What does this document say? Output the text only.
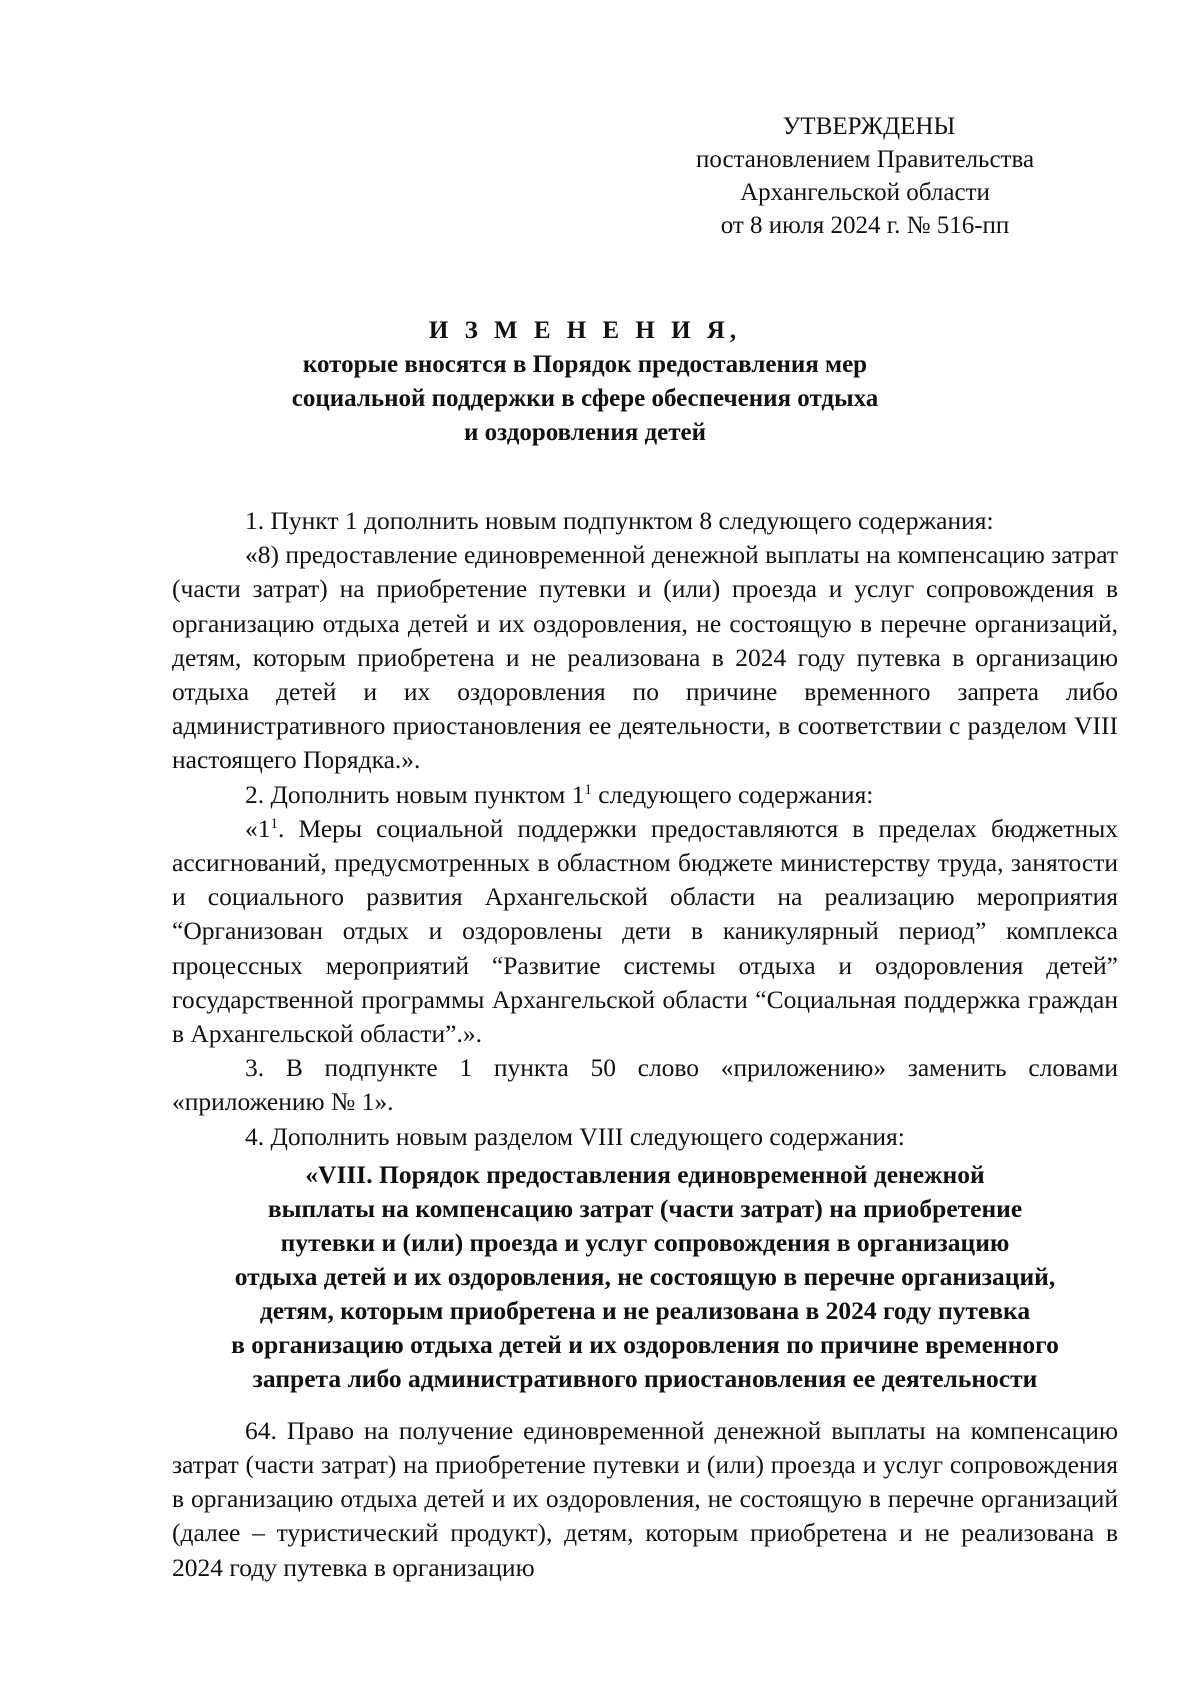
УТВЕРЖДЕНЫ
постановлением Правительства
Архангельской области
от 8 июля 2024 г. № 516-пп
И З М Е Н Е Н И Я,
которые вносятся в Порядок предоставления мер
социальной поддержки в сфере обеспечения отдыха
и оздоровления детей

1. Пункт 1 дополнить новым подпунктом 8 следующего содержания:

«8) предоставление единовременной денежной выплаты на компенсацию затрат (части затрат) на приобретение путевки и (или) проезда и услуг сопровождения в организацию отдыха детей и их оздоровления, не состоящую в перечне организаций, детям, которым приобретена и не реализована в 2024 году путевка в организацию отдыха детей и их оздоровления по причине временного запрета либо административного приостановления ее деятельности, в соответствии с разделом VIII настоящего Порядка.».

2. Дополнить новым пунктом $1^1$ следующего содержания:

«$1^1$. Меры социальной поддержки предоставляются в пределах бюджетных ассигнований, предусмотренных в областном бюджете министерству труда, занятости и социального развития Архангельской области на реализацию мероприятия “Организован отдых и оздоровлены дети в каникулярный период” комплекса процессных мероприятий “Развитие системы отдыха и оздоровления детей” государственной программы Архангельской области “Социальная поддержка граждан в Архангельской области”.».

3. В подпункте 1 пункта 50 слово «приложению» заменить словами «приложению № 1».

4. Дополнить новым разделом VIII следующего содержания:

«VIII. Порядок предоставления единовременной денежной
выплаты на компенсацию затрат (части затрат) на приобретение
путевки и (или) проезда и услуг сопровождения в организацию
отдыха детей и их оздоровления, не состоящую в перечне организаций,
детям, которым приобретена и не реализована в 2024 году путевка
в организацию отдыха детей и их оздоровления по причине временного
запрета либо административного приостановления ее деятельности

64. Право на получение единовременной денежной выплаты на компенсацию затрат (части затрат) на приобретение путевки и (или) проезда и услуг сопровождения в организацию отдыха детей и их оздоровления, не состоящую в перечне организаций (далее – туристический продукт), детям, которым приобретена и не реализована в 2024 году путевка в организацию
